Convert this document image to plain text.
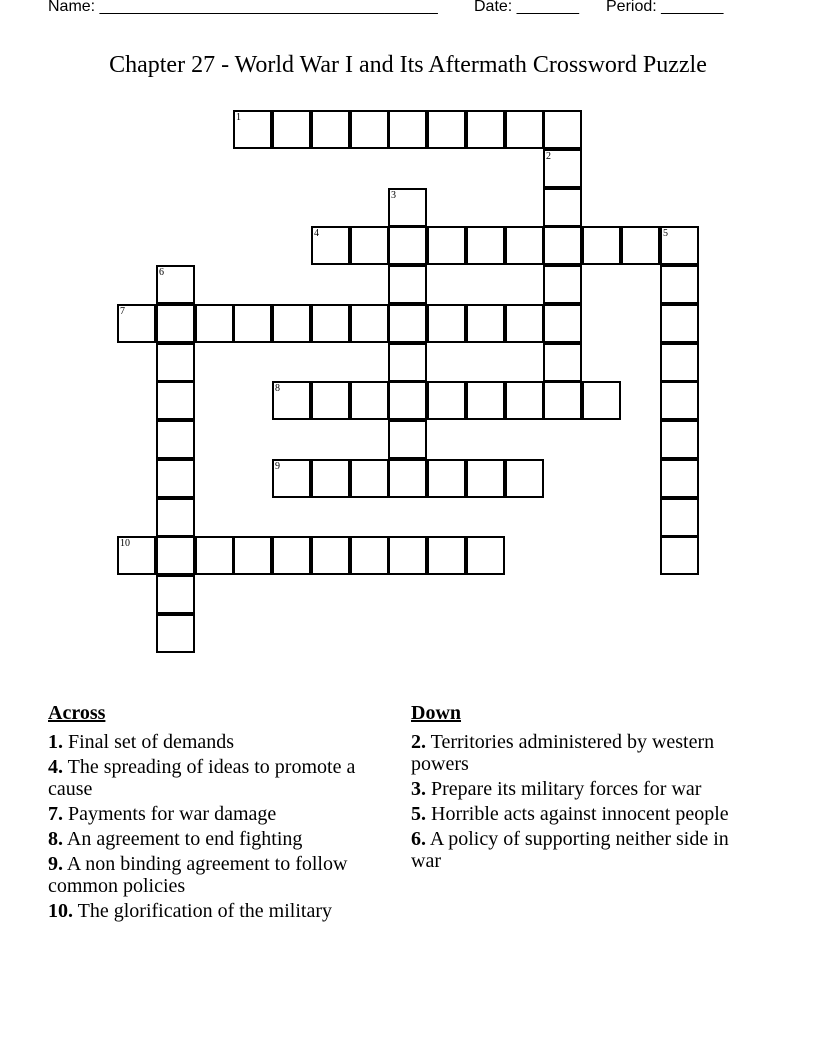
Name: ______________________________________ Date: _______ Period: _______
Chapter 27 - World War I and Its Aftermath Crossword Puzzle
1
2
3
4	5
6
7
8
9
10
Across
1. Final set of demands
4. The spreading of ideas to promote a cause
7. Payments for war damage
8. An agreement to end fighting
9. A non binding agreement to follow common policies
10. The glorification of the military
Down
2. Territories administered by western powers
3. Prepare its military forces for war
5. Horrible acts against innocent people
6. A policy of supporting neither side in war
